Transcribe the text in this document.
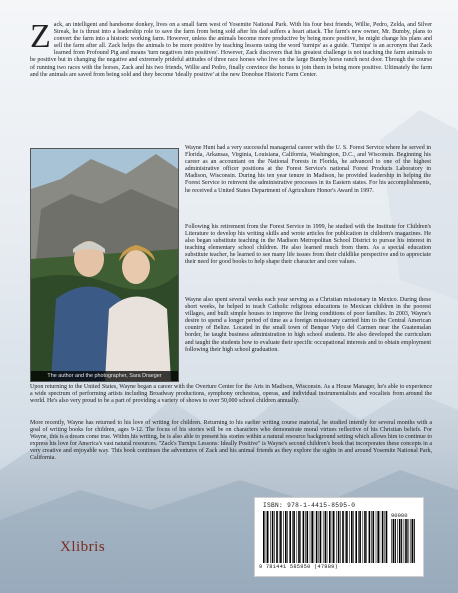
Zack, an intelligent and handsome donkey, lives on a small farm west of Yosemite National Park. With his four best friends, Willie, Pedro, Zelda, and Silver Streak, he is thrust into a leadership role to save the farm from being sold after his dad suffers a heart attack. The farm's new owner, Mr. Bumby, plans to convert the farm into a historic working farm. However, unless the animals become more productive by being more positive, he might change his plans and sell the farm after all. Zack helps the animals to be more positive by teaching lessons using the word 'turnips' as a guide. 'Turnips' is an acronym that Zack learned from Profound Pig and means 'turn negatives into positives'. However, Zack discovers that his greatest challenge is not teaching the farm animals to be positive but in changing the negative and extremely prideful attitudes of three race horses who live on the large Bumby horse ranch next door. Through the course of running two races with the horses, Zack and his two friends, Willie and Pedro, finally convince the horses to join them in being more positive. Ultimately the farm and the animals are saved from being sold and they become 'ideally positive' at the new Donohue Historic Farm Center.

The author and the photographer, Sara Draeger

Wayne Hunt had a very successful managerial career with the U. S. Forest Service where he served in Florida, Arkansas, Virginia, Louisiana, California, Washington, D.C., and Wisconsin. Beginning his career as an accountant on the National Forests in Florida, he advanced to one of the highest administrative officer positions at the Forest Service's national Forest Products Laboratory in Madison, Wisconsin. During his ten year tenure in Madison, he provided leadership in helping the Forest Service to reinvent the administrative processes in its Eastern states. For his accomplishments, he received a United States Department of Agriculture Honor's Award in 1997.

Following his retirement from the Forest Service in 1999, he studied with the Institute for Children's Literature to develop his writing skills and wrote articles for publication in children's magazines. He also began substitute teaching in the Madison Metropolitan School District to pursue his interest in teaching elementary school children. He also learned much from them. As a special education substitute teacher, he learned to see many life issues from their childlike perspective and to appreciate their need for good books to help shape their character and core values.

Wayne also spent several weeks each year serving as a Christian missionary in Mexico. During these short weeks, he helped to teach Catholic religious educations to Mexican children in the poorest villages, and built simple houses to improve the living conditions of poor families. In 2003, Wayne's desire to spend a longer period of time as a foreign missionary carried him to the Central American country of Belize. Located in the small town of Benque Viejo del Carmen near the Guatemalan border, he taught business administration to high school students. He also developed the curriculum and taught the students how to evaluate their specific occupational interests and to obtain employment following their high school graduation.

Upon returning to the United States, Wayne began a career with the Overture Center for the Arts in Madison, Wisconsin. As a House Manager, he's able to experience a wide spectrum of performing artists including Broadway productions, symphony orchestras, operas, and individual instrumentalists and vocalists from around the world. He's also very proud to be a part of providing a variety of shows to over 50,000 school children annually.

More recently, Wayne has returned to his love of writing for children. Returning to his earlier writing course material, he studied intently for several months with a goal of writing books for children, ages 9-12. The focus of his stories will be on characters who demonstrate moral virtues reflective of his Christian beliefs. For Wayne, this is a dream come true. Within his writing, he is also able to present his stories within a natural resource background setting which allows him to continue to express his love for America's vast natural resources. "Zack's Turnips Lessons: Ideally Positive" is Wayne's second children's book that incorporates these concepts in a very creative and enjoyable way. This book continues the adventures of Zack and his animal friends as they explore the sights in and around Yosemite National Park, California.

Xlibris
ISBN: 978-1-4415-8595-0
90000
9 781441 585950 (47889)
